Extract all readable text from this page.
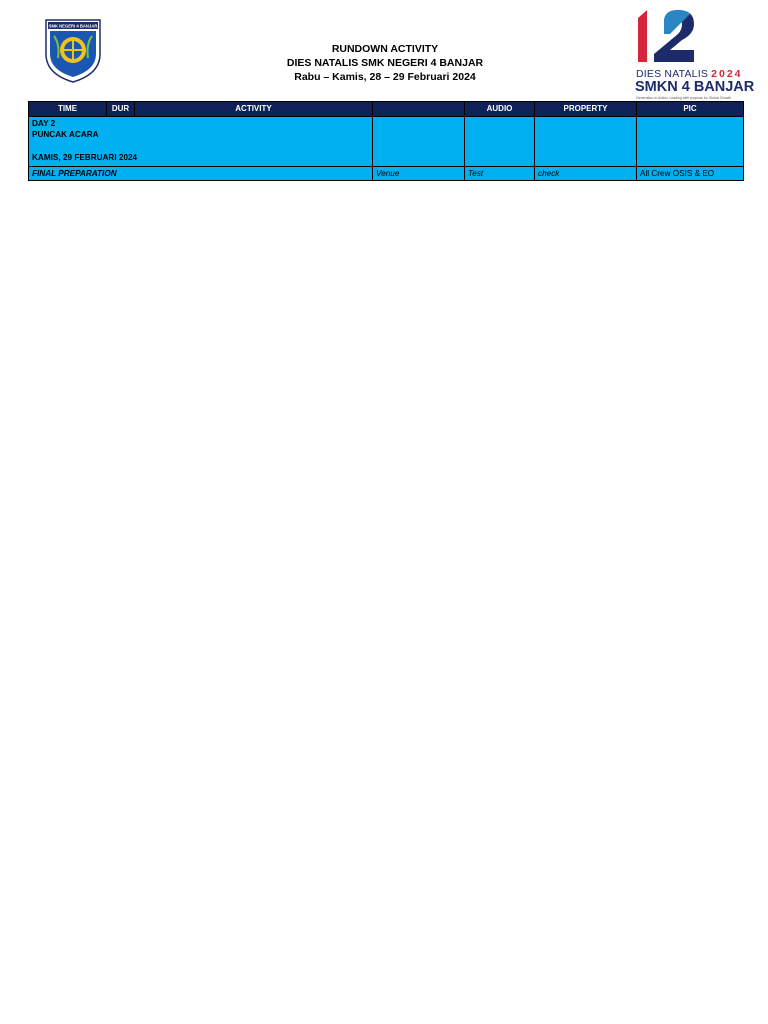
SMK NEGERI 4 BANJAR
RUNDOWN ACTIVITY
DIES NATALIS SMK NEGERI 4 BANJAR
Rabu – Kamis, 28 – 29 Februari 2024	DIES NATALIS 2024
SMKN 4 BANJAR
Generation in Action, Leading with purpose for Global Growth
TIME	DUR	ACTIVITY		AUDIO	PROPERTY	PIC

DAY 2
PUNCAK ACARA

KAMIS, 29 FEBRUARI 2024						

FINAL PREPARATION			Venue	Test	check	All Crew OSIS & EO
